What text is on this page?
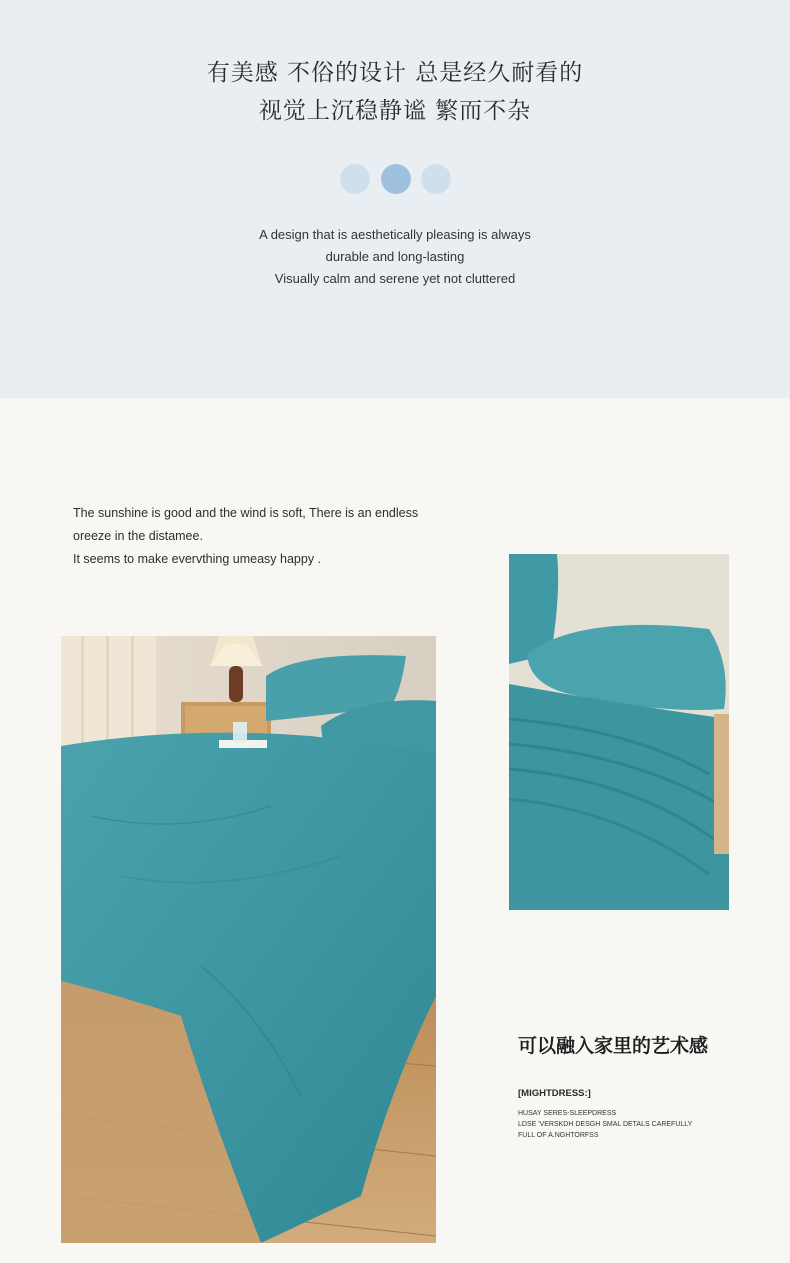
有美感 不俗的设计 总是经久耐看的
视觉上沉稳静谧 繁而不杂
A design that is aesthetically pleasing is always
durable and long-lasting
Visually calm and serene yet not cluttered
The sunshine is good and the wind is soft, There is an endless
oreeze in the distamee.
It seems to make evervthing umeasy happy .
可以融入家里的艺术感
[MIGHTDRESS:]
HUSAY SERES-SLEEPDRESS
LDSE 'VERSKDH DESGH SMAL DETALS CAREFULLY
FULL OF A.NGHTORFSS
